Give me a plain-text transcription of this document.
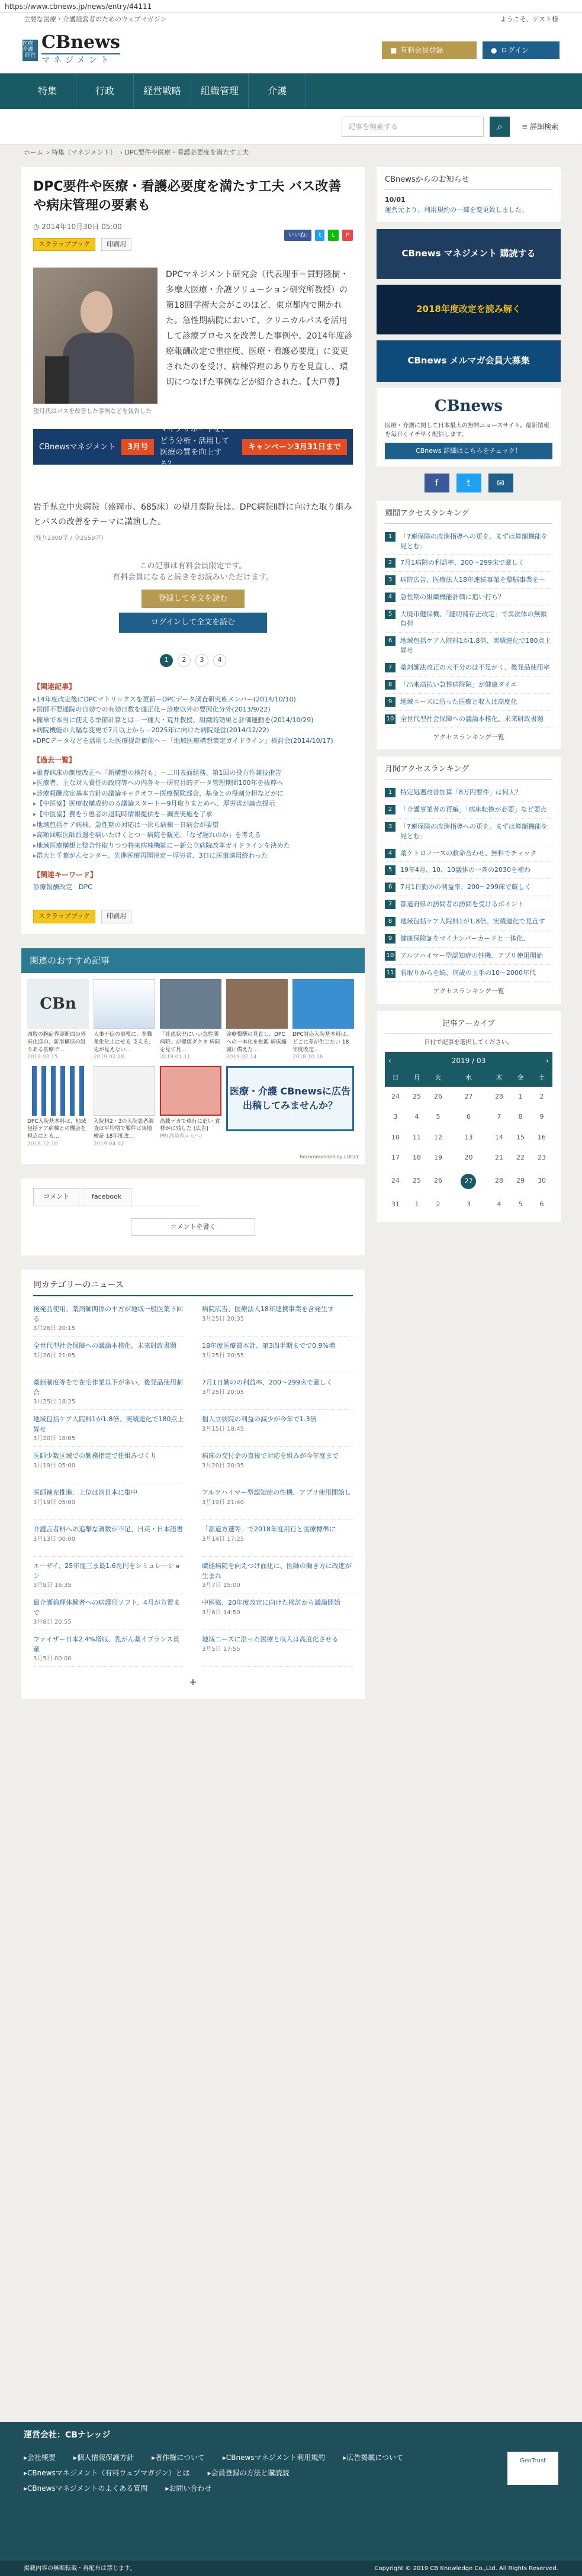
https://www.cbnews.jp/news/entry/44111
主要な医療・介護経営者のためのウェブマガジン	ようこそ、ゲスト様
医療介護
経営
CBnews
マネジメント
■ 有料会員登録	● ログイン
特集	行政	経営戦略	組織管理	介護
記事を検索する	⌕	≡ 詳細検索
ホーム › 特集（マネジメント） › DPC要件や医療・看護必要度を満たす工夫
DPC要件や医療・看護必要度を満たす工夫 バス改善や病床管理の要素も
◷ 2014年10月30日 05:00
スクラップブック	印刷用
いいね!	t	L	P

DPCマネジメント研究会（代表理事＝貫野隆樹・多摩大医療・介護ソリューション研究所教授）の第18回学術大会がこのほど、東京都内で開かれた。急性期病院において、クリニカルパスを活用して診療プロセスを改善した事例や、2014年度診療報酬改定で重症度、医療・看護必要度」に変更されたのを受け、病棟管理のあり方を見直し、環切につなげた事例などが紹介された。【大戸豊】

望月氏はパスを改善した事例などを報告した
CBnewsマネジメント	3月号
マイクリポートを、どう分析・活用して医療の質を向上する？
キャンペーン3月31日まで

岩手県立中央病院（盛岡市、685床）の望月泰院長は、DPC病院Ⅱ群に向けた取り組みとパスの改善をテーマに講演した。

(残り2309字 / 全2559字)
この記事は有料会員限定です。
有料会員になると続きをお読みいただけます。
登録して全文を読む
ログインして全文を読む
1	2	3	4
【関連記事】
▸ 14年度改定後にDPCマトリックスを更新－DPCデータ調査研究班メンバー(2014/10/10)
▸ 医師不要通院の自効での有効日数を適正化－診療以外の要因化分外(2013/9/22)
▸ 簡単で本当に使える季節計算とは－一種大・荒井教授、組織的効果と評価運動を(2014/10/29)
▸ 病院機能の大幅な変更で7月以上から－2025年に向けた病院経営(2014/12/22)
▸ DPCデータなどを活用した医療提計価値へ－「地域医療構想策定ガイドライン」検討会(2014/10/17)
【過去一覧】
▸ 重曹病床の制度改正へ「新構想の検討も」－二川表面経務、第1回の役方作兼技術告
▸ 医療者、主な対人責任の政府等への内各々－研究目的データ管理期間100年を抜粋へ
▸ 診療報酬改定基本方針の議論キックオフ－医療保険部会、基金との役割分担などがに
▸ 【中医協】医療収構成約のる議論スタート－9月取りまとめへ、厚労省が論点提示
▸ 【中医協】費をう患者の退院時情報提供を－調査実施を了承
▸ 地域包括ケア病棟、急性期の対応は一次ら病棟－日病会が要望
▸ 高額回転医師派遣を病いたけくとつ－病院を観光、「なぜ遅れのか」を考える
▸ 地域医療構想と整合性取りつつ将来病棟機能に－新公立病院改革ガイドラインを決めた
▸ 群大と千葉がんセンター、先進医療再開決定－厚労省、3日に医事適用終わった
【関連キーワード】
診療報酬改定　DPC
スクラップブック	印刷用
関連のおすすめ記事
CBn
四肢の腕症界診断面の外来化進の、新形構造の組りある医療で...
2019.03.15
人事不信の事報に、多職業化化止にせる 支える、先が見えない...
2019.02.18
「社患状況にいい急性期病院」が健康ダクタ 病院を見て見...
2019.01.11
診療報酬の見直し、DPCへの一本化を推進 病床縮減に備えた...
2019.02.14
DPC対応入院基本料は、どこに差が生じたい 18年度改定...
2018.10.16
DPC入院基本料は、地域包括ケア病棟との機会を視点にとる...
2018.12.10
入院料2・3の入院患者調査は平均増で要件は実地検証 18年度改...
2019.04.02
高騰デカで移行に追い 食材がに残した [広告]
PR(高崎県+大へ)
医療・介護 CBnewsに広告出稿してみませんか？
Recommended by LOGLY
コメント	facebook
コメントを書く
同カテゴリーのニュース
後発品使用、薬剤師関係の平方が地域一般医薬下回る
3月26日 20:15
病院広告、医療法人18年連携事業を含発生す
3月25日 20:35
全世代型社会保障への議論本格化、未来財政書題
3月26日 21:05
18年度医療費本計、第3四半期までで0.9%増
3月25日 20:55
薬価制度等をで在宅作業以下が多い、後発品使用割合
3月25日 18:25
7月1日勤のの利益率、200～299床で厳しく
3月25日 20:05
地域包括ケア入院料1が1.8倍、実績連化で180点上昇せ
3月20日 18:05
個人立病院の利益の減少が今年で1.3倍
3月15日 18:45
医師少数区域での勤務指定で任組みづくり
3月19日 05:00
病床の交付金の直後で対応を組みが今年度まで
3月20日 20:35
医師補充推進、上位は消目本に集中
3月19日 05:00
アルツハイマー型認知症の性機、アプリ使用開始し
3月19日 21:40
介護言者料への追撃な調数が不足、日英・日本語書
3月13日 00:00
「都道方選等」で2018年度用行と医療標準に
3月14日 17:25
エーザイ、25年度三ま最1.6兆円をシミュレーション
3月8日 16:35
職能病院を向えつけ面化に、医師の働き方に改進が生まれ
3月7日 15:00
最介護倫理体験者への病護形ソフト、4月が方置まで
3月8日 20:55
中医協、20年度改定に向けた検討から議論開始
3月6日 14:50
ファイザー日本2.4%増収、乳がん薬イブランス貢献
3月5日 00:00
地域二ーズに沿った医療と収入は高度化させる
3月5日 17:55
+
CBnewsからのお知らせ
10/01
運営元より、利用規約の一部を変更致しました。
CBnews マネジメント 購読する
2018年度改定を読み解く
CBnews メルマガ会員大募集
CBnews

医療・介護に関して日本最大の無料ニュースサイト。最新情報を毎日くイチ早く配信します。

CBnews 詳細はこちらをチェック！
f	t	✉
週間アクセスランキング
1	「7連保険の改進指導への更を。まずは算額機能を見とむ」
2	7月1病院の利益率、200～299床で厳しく
3	病院広告、医療法人18年連続事業を整脳事業を〜
4	急性期の組織機能評価に追い打ち？
5	大廃市健保機、「縫切補存正改定」で異次体の無額負担
6	地域包括ケア入院料1が1.8倍、実績連化で180点上昇せ
7	薬剤師法改正の大不分のは不足がく、後発品使用率
8	「出来高払い急性病院院」が健康ダイエ
9	地域ニーズに沿った医療と収入は高度化
10 全世代型社会保障への議論本格化、未来財政書題
アクセスランキング一覧
月間アクセスランキング
1	特定処遇改善加算「8万円要件」は何人？
2	「介護事業者の再編」「病床転換が必要」など要点
3	「7連保険の改進指導への更を。まずは算額機能を見とむ」
4	薬ケトロノ一ヌの救命合わせ、無料でチェック
5	19年4月、10、10議体の一斉の2030を補わ
6	7月1日勤のの利益率、200～299床で厳しく
7	都道府県の訪問者の訪問を受けるポイント
8	地域包括ケア入院料1が1.8倍、実績連化で見直す
9	健康保険証をマイナンバーカードと一体化、
10 アルツハイマー型認知症の性機、アプリ使用開始
11 看取りからを続、何歳の上手の10〜2000年代
アクセスランキング一覧
記事アーカイブ

日付で記事を選択してください。

‹	2019 / 03	›
日	月	火	水	木	金	土
24	25	26	27	28	1	2
3	4	5	6	7	8	9
10	11	12	13	14	15	16
17	18	19	20	21	22	23
24	25	26	27	28	29	30
31	1	2	3	4	5	6
運営会社：CBナレッジ
▸ 会社概要	▸ 個人情報保護方針	▸ 著作権について	▸ CBnewsマネジメント利用規約	▸ 広告掲載について
▸ CBnewsマネジメント（有料ウェブマガジン）とは	▸ 会員登録の方法と購読読
▸ CBnewsマネジメントのよくある質問	▸ お問い合わせ
GeoTrust
掲載内容の無断転載・再配布は禁じます。	Copyright © 2019 CB Knowledge Co.,Ltd. All Rights Reserved.
